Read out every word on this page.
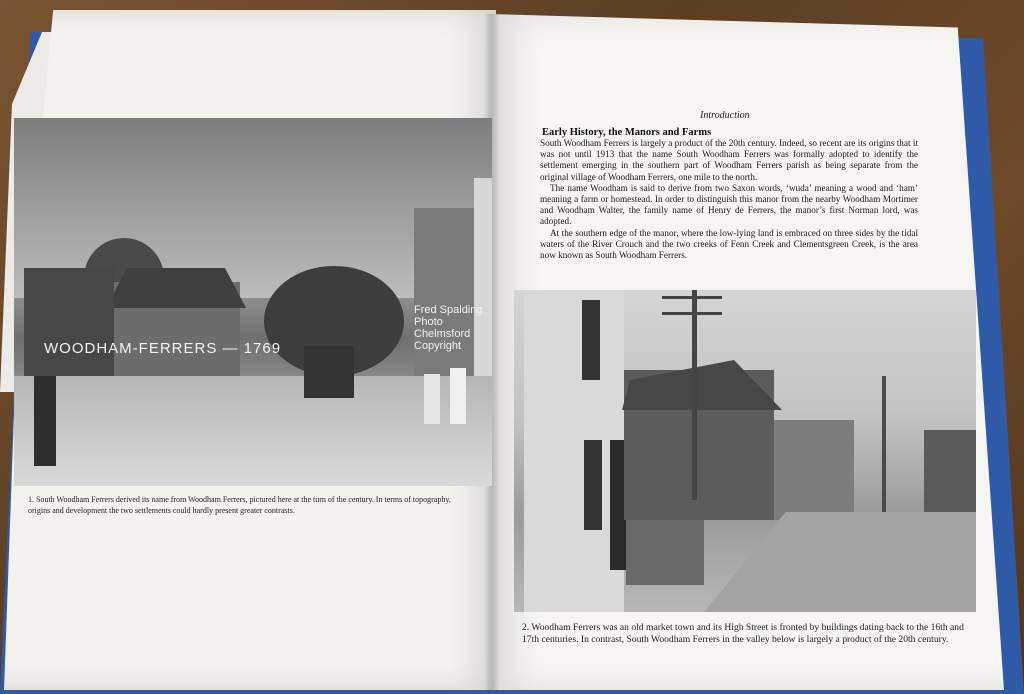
WOODHAM-FERRERS — 1769
Fred Spalding Photo Chelmsford Copyright
1. South Woodham Ferrers derived its name from Woodham Ferrers, pictured here at the turn of the century. In terms of topography, origins and development the two settlements could hardly present greater contrasts.
Introduction
Early History, the Manors and Farms

South Woodham Ferrers is largely a product of the 20th century. Indeed, so recent are its origins that it was not until 1913 that the name South Woodham Ferrers was formally adopted to identify the settlement emerging in the southern part of Woodham Ferrers parish as being separate from the original village of Woodham Ferrers, one mile to the north.

The name Woodham is said to derive from two Saxon words, ‘wuda’ meaning a wood and ‘ham’ meaning a farm or homestead. In order to distinguish this manor from the nearby Woodham Mortimer and Woodham Walter, the family name of Henry de Ferrers, the manor’s first Norman lord, was adopted.

At the southern edge of the manor, where the low-lying land is embraced on three sides by the tidal waters of the River Crouch and the two creeks of Fenn Creek and Clementsgreen Creek, is the area now known as South Woodham Ferrers.

2. Woodham Ferrers was an old market town and its High Street is fronted by buildings dating back to the 16th and 17th centuries. In contrast, South Woodham Ferrers in the valley below is largely a product of the 20th century.
